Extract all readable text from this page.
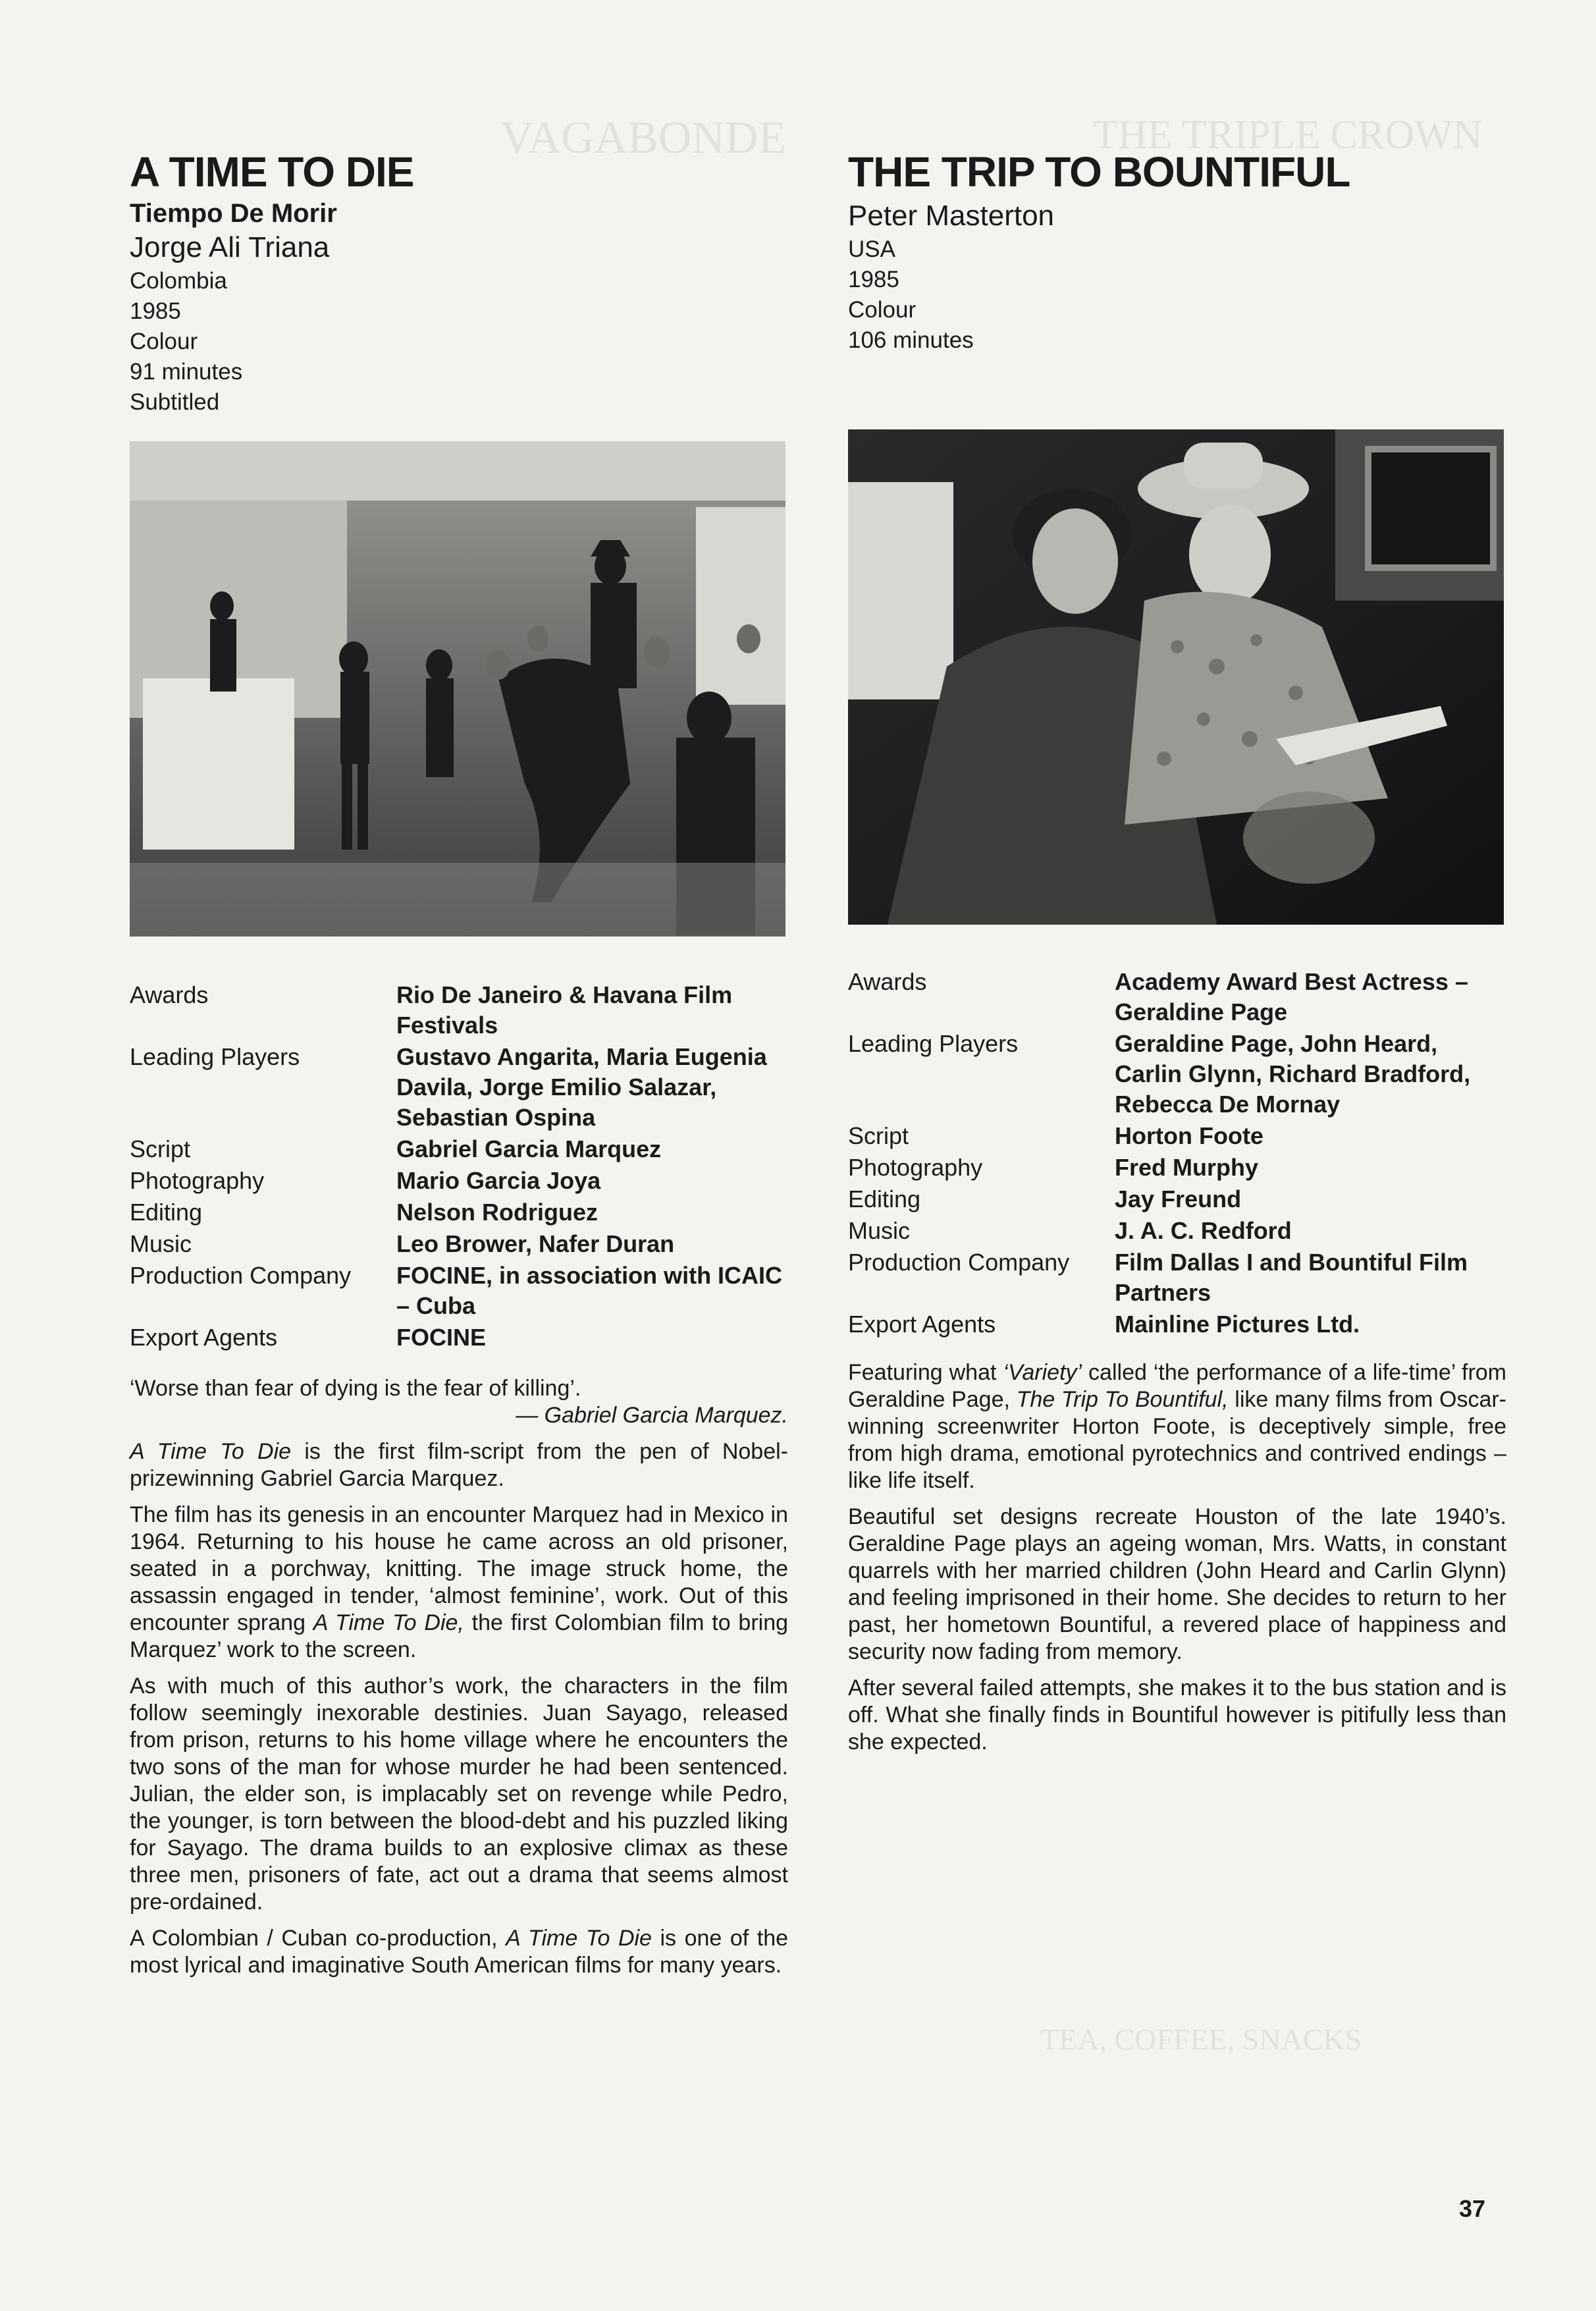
VAGABONDE	THE TRIPLE CROWN
TEA, COFFEE, SNACKS
A TIME TO DIE
Tiempo De Morir
Jorge Ali Triana
Colombia
1985
Colour
91 minutes
Subtitled
Awards	Rio De Janeiro & Havana Film Festivals
Leading Players	Gustavo Angarita, Maria Eugenia Davila, Jorge Emilio Salazar, Sebastian Ospina
Script	Gabriel Garcia Marquez
Photography	Mario Garcia Joya
Editing	Nelson Rodriguez
Music	Leo Brower, Nafer Duran
Production Company	FOCINE, in association with ICAIC – Cuba
Export Agents	FOCINE

‘Worse than fear of dying is the fear of killing’.

— Gabriel Garcia Marquez.

A Time To Die is the first film-script from the pen of Nobel-prizewinning Gabriel Garcia Marquez.

The film has its genesis in an encounter Marquez had in Mexico in 1964. Returning to his house he came across an old prisoner, seated in a porchway, knitting. The image struck home, the assassin engaged in tender, ‘almost feminine’, work. Out of this encounter sprang A Time To Die, the first Colombian film to bring Marquez’ work to the screen.

As with much of this author’s work, the characters in the film follow seemingly inexorable destinies. Juan Sayago, released from prison, returns to his home village where he encounters the two sons of the man for whose murder he had been sentenced. Julian, the elder son, is implacably set on revenge while Pedro, the younger, is torn between the blood-debt and his puzzled liking for Sayago. The drama builds to an explosive climax as these three men, prisoners of fate, act out a drama that seems almost pre-ordained.

A Colombian / Cuban co-production, A Time To Die is one of the most lyrical and imaginative South American films for many years.

THE TRIP TO BOUNTIFUL
Peter Masterton
USA
1985
Colour
106 minutes
Awards	Academy Award Best Actress – Geraldine Page
Leading Players	Geraldine Page, John Heard, Carlin Glynn, Richard Bradford, Rebecca De Mornay
Script	Horton Foote
Photography	Fred Murphy
Editing	Jay Freund
Music	J. A. C. Redford
Production Company	Film Dallas I and Bountiful Film Partners
Export Agents	Mainline Pictures Ltd.

Featuring what ‘Variety’ called ‘the performance of a life-time’ from Geraldine Page, The Trip To Bountiful, like many films from Oscar-winning screenwriter Horton Foote, is deceptively simple, free from high drama, emotional pyrotechnics and contrived endings – like life itself.

Beautiful set designs recreate Houston of the late 1940’s. Geraldine Page plays an ageing woman, Mrs. Watts, in constant quarrels with her married children (John Heard and Carlin Glynn) and feeling imprisoned in their home. She decides to return to her past, her hometown Bountiful, a revered place of happiness and security now fading from memory.

After several failed attempts, she makes it to the bus station and is off. What she finally finds in Bountiful however is pitifully less than she expected.

37
